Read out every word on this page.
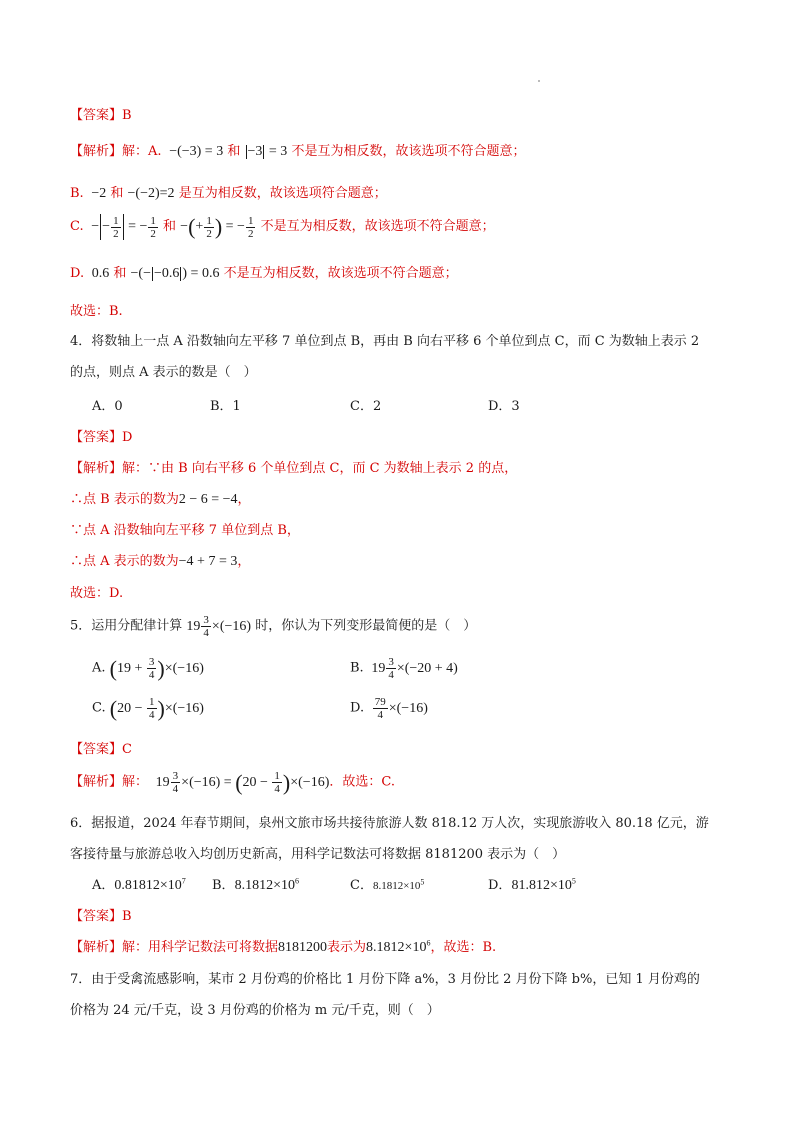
【答案】B
【解析】解：A.  −(−3) = 3 和 −3 = 3 不是互为相反数，故该选项不符合题意；
B.  −2 和 −(−2)=2 是互为相反数，故该选项符合题意；
C.  − − $\frac{1}{2}$ = − $\frac{1}{2}$ 和 −(+ $\frac{1}{2}$ ) = − $\frac{1}{2}$ 不是互为相反数，故该选项不符合题意；
D.  0.6 和 −(− −0.6 ) = 0.6 不是互为相反数，故该选项不符合题意；
故选：B.
4．将数轴上一点 A 沿数轴向左平移 7 单位到点 B，再由 B 向右平移 6 个单位到点 C，而 C 为数轴上表示 2
的点，则点 A 表示的数是（　）
A．0	B．1	C．2	D．3
【答案】D
【解析】解：∵由 B 向右平移 6 个单位到点 C，而 C 为数轴上表示 2 的点，
∴点 B 表示的数为2 − 6 = −4，
∵点 A 沿数轴向左平移 7 单位到点 B，
∴点 A 表示的数为−4 + 7 = 3，
故选：D.
5．运用分配律计算 $19 \frac{3}{4} \times(-16)$ 时，你认为下列变形最简便的是（　）
A. $(19 + \frac{3}{4} )\times(-16)$	B.  $19 \frac{3}{4} \times(-20 + 4)$
C. $(20 - \frac{1}{4} )\times(-16)$	D. $\frac{79}{4} \times(-16)$
【答案】C
【解析】解：  $19 \frac{3}{4} \times(-16) = (20 - \frac{1}{4} )\times(-16)$．故选：C.
6．据报道，2024 年春节期间，泉州文旅市场共接待旅游人数 818.12 万人次，实现旅游收入 80.18 亿元，游
客接待量与旅游总收入均创历史新高，用科学记数法可将数据 8181200 表示为（　）
A．$0.81812\times 10^7$ B．$8.1812\times 10^6$	C．$8.1812\times 10^5$	D．$81.812\times 10^5$
【答案】B
【解析】解：用科学记数法可将数据8181200表示为$8.1812\times 10^6$，故选：B.
7．由于受禽流感影响，某市 2 月份鸡的价格比 1 月份下降 a%，3 月份比 2 月份下降 b%，已知 1 月份鸡的
价格为 24 元/千克，设 3 月份鸡的价格为 m 元/千克，则（　）
